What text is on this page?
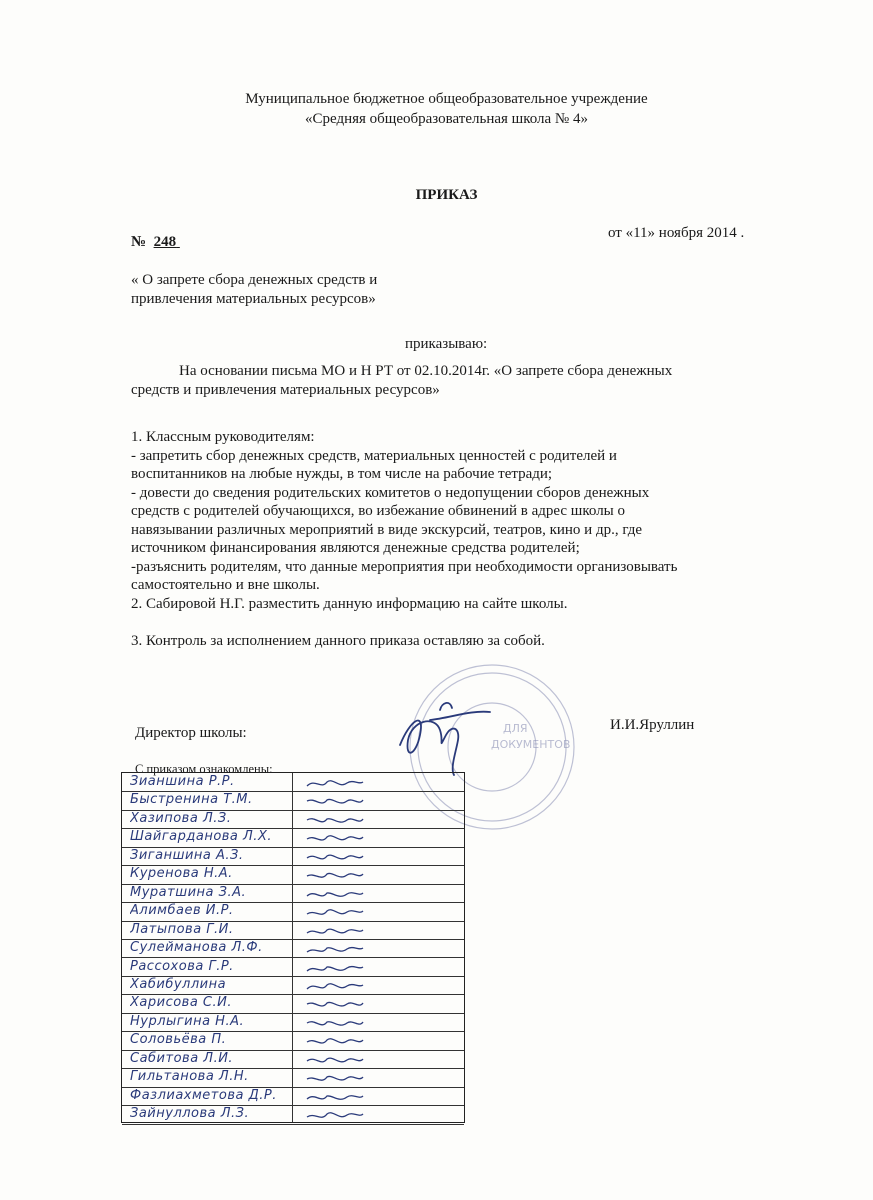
Муниципальное бюджетное общеобразовательное учреждение
«Средняя общеобразовательная школа № 4»
ПРИКАЗ
№ 248
от «11» ноября 2014 .
« О запрете сбора денежных средств и
привлечения материальных ресурсов»
приказываю:
На основании письма МО и Н РТ от 02.10.2014г. «О запрете сбора денежных
средств и привлечения материальных ресурсов»
1. Классным руководителям:
- запретить сбор денежных средств, материальных ценностей с родителей и
воспитанников на любые нужды, в том числе на рабочие тетради;
- довести до сведения родительских комитетов о недопущении сборов денежных
средств с родителей обучающихся, во избежание обвинений в адрес школы о
навязывании различных мероприятий в виде экскурсий, театров, кино и др., где
источником финансирования являются денежные средства родителей;
-разъяснить родителям, что данные мероприятия при необходимости организовывать
самостоятельно и вне школы.
2. Сабировой Н.Г. разместить данную информацию на сайте школы.
3. Контроль за исполнением данного приказа оставляю за собой.
Директор школы:	И.И.Яруллин
ДЛЯ
ДОКУМЕНТОВ
С приказом ознакомлены:
Зианшина Р.Р.
Быстренина Т.М.
Хазипова Л.З.
Шайгарданова Л.Х.
Зиганшина А.З.
Куренова Н.А.
Муратшина З.А.
Алимбаев И.Р.
Латыпова Г.И.
Сулейманова Л.Ф.
Рассохова Г.Р.
Хабибуллина
Харисова С.И.
Нурлыгина Н.А.
Соловьёва П.
Сабитова Л.И.
Гильтанова Л.Н.
Фазлиахметова Д.Р.
Зайнуллова Л.З.
